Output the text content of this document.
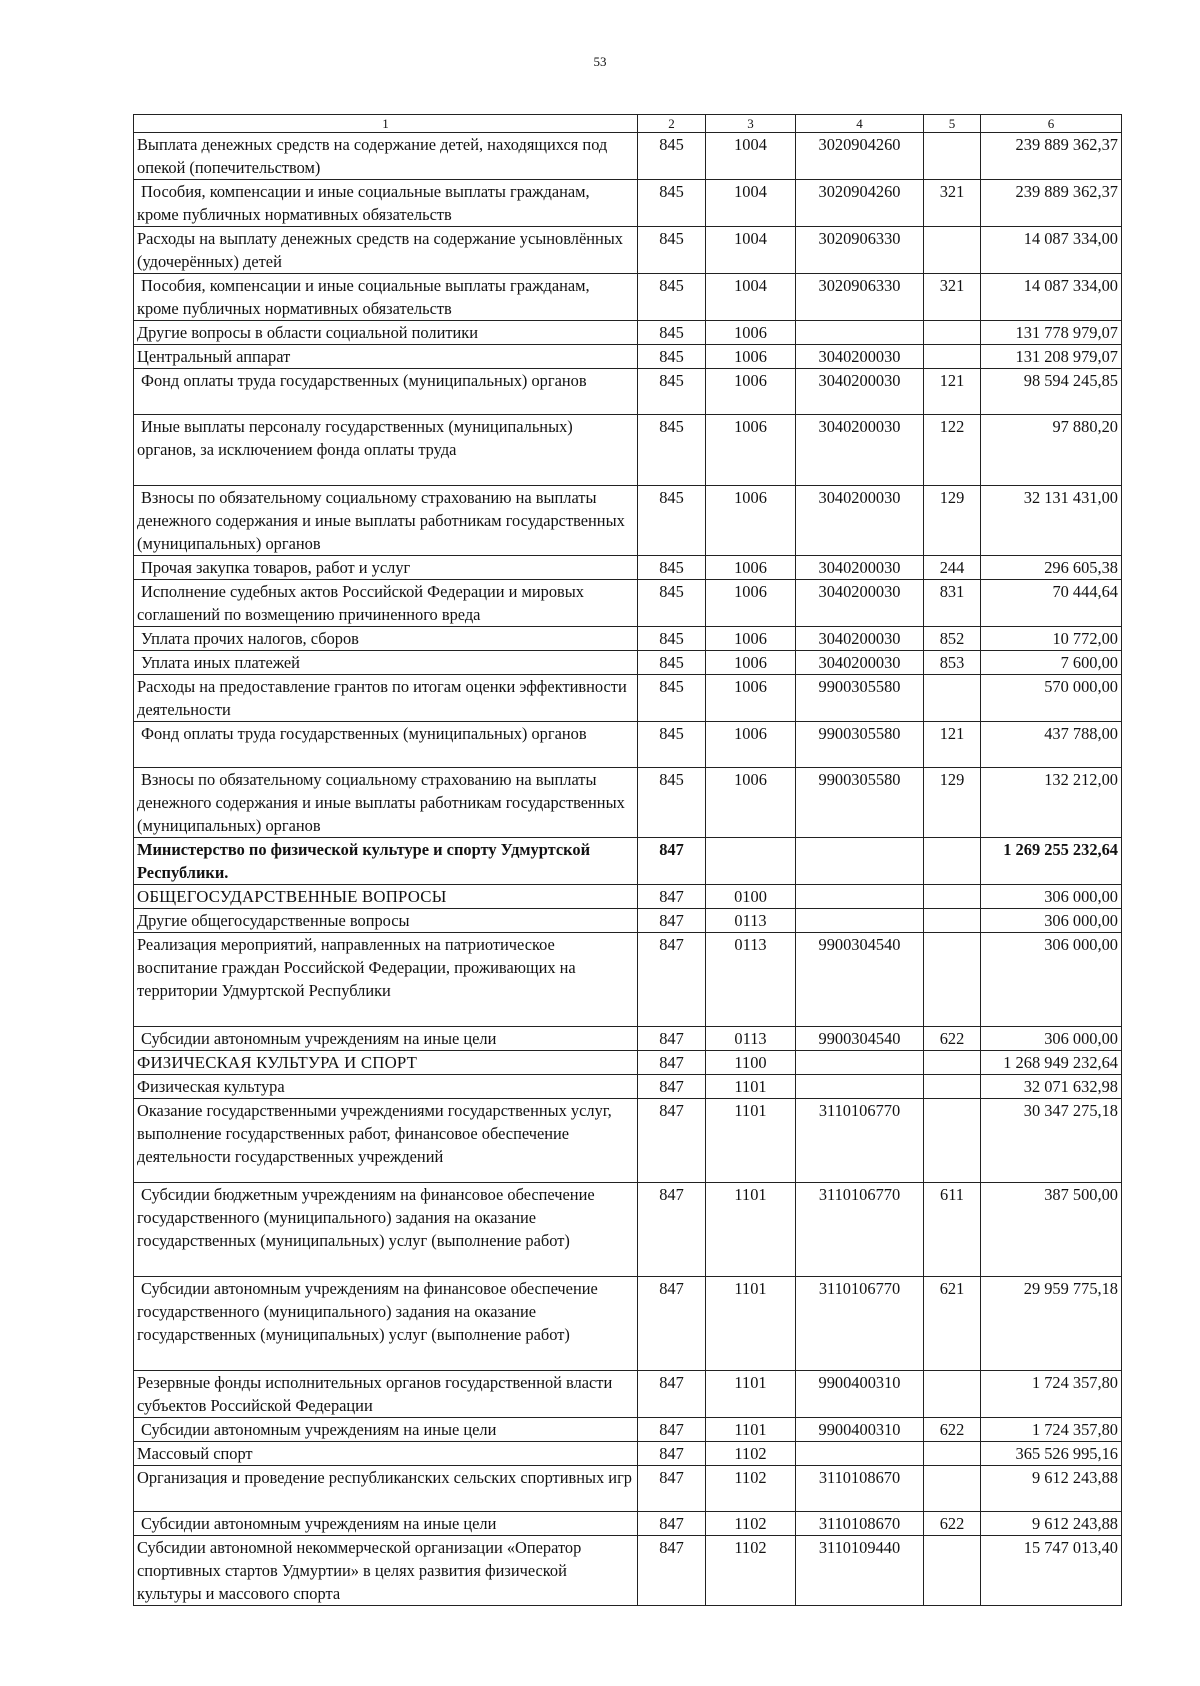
53
1	2	3	4	5	6
Выплата денежных средств на содержание детей, находящихся под опекой (попечительством)	845	1004	3020904260		239 889 362,37
Пособия, компенсации и иные социальные выплаты гражданам, кроме публичных нормативных обязательств	845	1004	3020904260	321	239 889 362,37
Расходы на выплату денежных средств на содержание усыновлённых (удочерённых) детей	845	1004	3020906330		14 087 334,00
Пособия, компенсации и иные социальные выплаты гражданам, кроме публичных нормативных обязательств	845	1004	3020906330	321	14 087 334,00
Другие вопросы в области социальной политики	845	1006			131 778 979,07
Центральный аппарат	845	1006	3040200030		131 208 979,07
Фонд оплаты труда государственных (муниципальных) органов	845	1006	3040200030	121	98 594 245,85
Иные выплаты персоналу государственных (муниципальных) органов, за исключением фонда оплаты труда	845	1006	3040200030	122	97 880,20
Взносы по обязательному социальному страхованию на выплаты денежного содержания и иные выплаты работникам государственных (муниципальных) органов	845	1006	3040200030	129	32 131 431,00
Прочая закупка товаров, работ и услуг	845	1006	3040200030	244	296 605,38
Исполнение судебных актов Российской Федерации и мировых соглашений по возмещению причиненного вреда	845	1006	3040200030	831	70 444,64
Уплата прочих налогов, сборов	845	1006	3040200030	852	10 772,00
Уплата иных платежей	845	1006	3040200030	853	7 600,00
Расходы на предоставление грантов по итогам оценки эффективности деятельности	845	1006	9900305580		570 000,00
Фонд оплаты труда государственных (муниципальных) органов	845	1006	9900305580	121	437 788,00
Взносы по обязательному социальному страхованию на выплаты денежного содержания и иные выплаты работникам государственных (муниципальных) органов	845	1006	9900305580	129	132 212,00
Министерство по физической культуре и спорту Удмуртской Республики.	847				1 269 255 232,64
ОБЩЕГОСУДАРСТВЕННЫЕ ВОПРОСЫ	847	0100			306 000,00
Другие общегосударственные вопросы	847	0113			306 000,00
Реализация мероприятий, направленных на патриотическое воспитание граждан Российской Федерации, проживающих на территории Удмуртской Республики	847	0113	9900304540		306 000,00
Субсидии автономным учреждениям на иные цели	847	0113	9900304540	622	306 000,00
ФИЗИЧЕСКАЯ КУЛЬТУРА И СПОРТ	847	1100			1 268 949 232,64
Физическая культура	847	1101			32 071 632,98
Оказание государственными учреждениями государственных услуг, выполнение государственных работ, финансовое обеспечение деятельности государственных учреждений	847	1101	3110106770		30 347 275,18
Субсидии бюджетным учреждениям на финансовое обеспечение государственного (муниципального) задания на оказание государственных (муниципальных) услуг (выполнение работ)	847	1101	3110106770	611	387 500,00
Субсидии автономным учреждениям на финансовое обеспечение государственного (муниципального) задания на оказание государственных (муниципальных) услуг (выполнение работ)	847	1101	3110106770	621	29 959 775,18
Резервные фонды исполнительных органов государственной власти субъектов Российской Федерации	847	1101	9900400310		1 724 357,80
Субсидии автономным учреждениям на иные цели	847	1101	9900400310	622	1 724 357,80
Массовый спорт	847	1102			365 526 995,16
Организация и проведение республиканских сельских спортивных игр	847	1102	3110108670		9 612 243,88
Субсидии автономным учреждениям на иные цели	847	1102	3110108670	622	9 612 243,88
Субсидии автономной некоммерческой организации «Оператор спортивных стартов Удмуртии» в целях развития физической культуры и массового спорта	847	1102	3110109440		15 747 013,40
